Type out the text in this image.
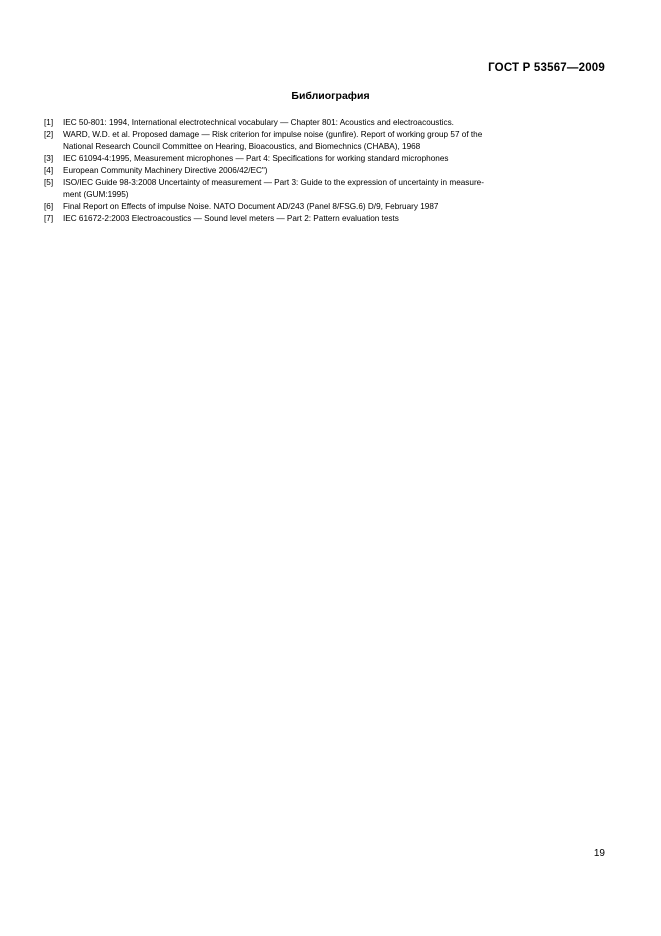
ГОСТ Р 53567—2009
Библиография
[1]	IEC 50-801: 1994, International electrotechnical vocabulary — Chapter 801: Acoustics and electroacoustics.
[2]	WARD, W.D. et al. Proposed damage — Risk criterion for impulse noise (gunfire). Report of working group 57 of the
National Research Council Committee on Hearing, Bioacoustics, and Biomechnics (CHABA), 1968
[3]	IEC 61094-4:1995, Measurement microphones — Part 4: Specifications for working standard microphones
[4]	European Community Machinery Directive 2006/42/EC")
[5]	ISO/IEC Guide 98-3:2008 Uncertainty of measurement — Part 3: Guide to the expression of uncertainty in measure-
ment (GUM:1995)
[6]	Final Report on Effects of impulse Noise. NATO Document AD/243 (Panel 8/FSG.6) D/9, February 1987
[7]	IEC 61672-2:2003 Electroacoustics — Sound level meters — Part 2: Pattern evaluation tests
19
